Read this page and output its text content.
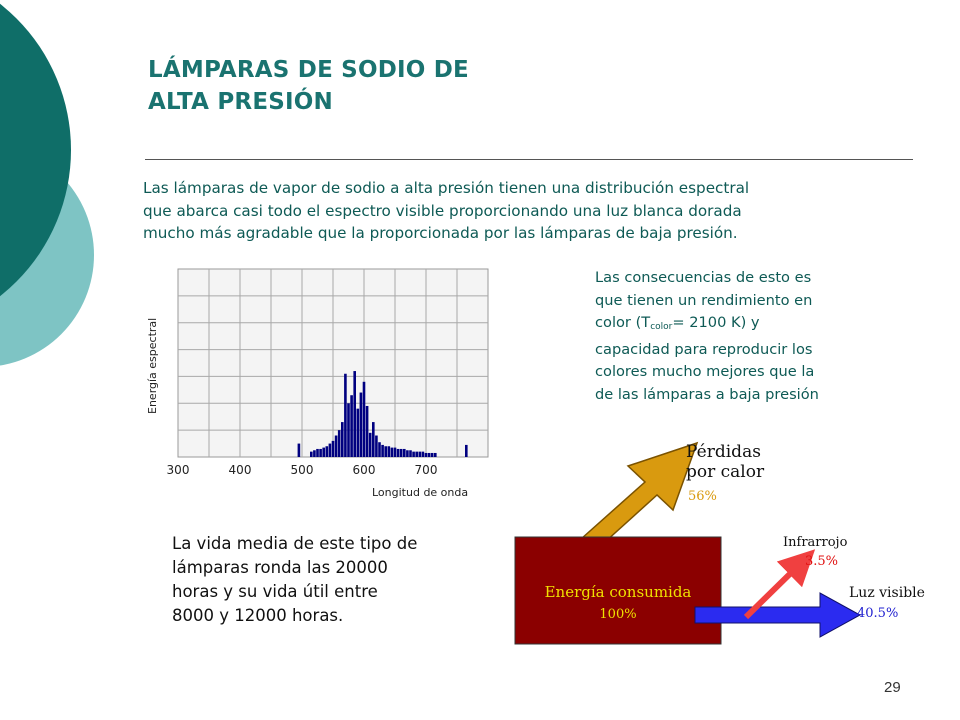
LÁMPARAS DE SODIO DE
ALTA PRESIÓN

Las lámparas de vapor de sodio a alta presión tienen una distribución espectral
que abarca casi todo el espectro visible proporcionando una luz blanca dorada
mucho más agradable que la proporcionada por las lámparas de baja presión.

300	400	500	600	700
Energía espectral
Longitud de onda
Las consecuencias de esto es
que tienen un rendimiento en
color ($T_{color}= 2100$ K) y
capacidad para reproducir los
colores mucho mejores que la
de las lámparas a baja presión
Energía consumida
100%
Pérdidas
por calor
56%
Infrarrojo
3.5%
Luz visible
40.5%
La vida media de este tipo de
lámparas ronda las 20000
horas y su vida útil entre
8000 y 12000 horas.
29
